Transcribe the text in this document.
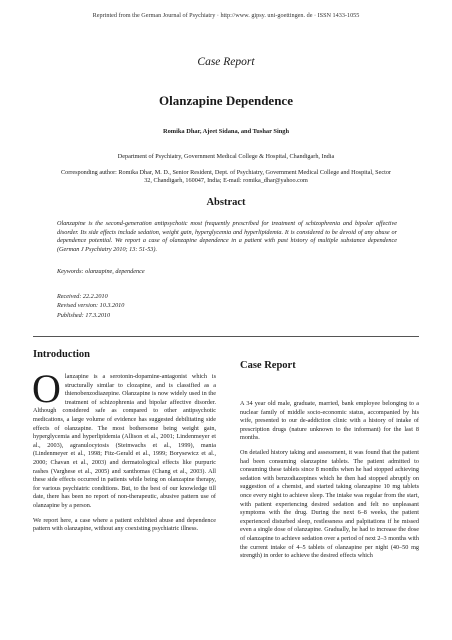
Reprinted from the German Journal of Psychiatry · http://www. gipsy. uni-goettingen. de · ISSN 1433-1055
Case Report
Olanzapine Dependence
Romika Dhar, Ajeet Sidana, and Tushar Singh
Department of Psychiatry, Government Medical College & Hospital, Chandigarh, India
Corresponding author: Romika Dhar, M. D., Senior Resident, Dept. of Psychiatry, Government Medical College and Hospital, Sector 32, Chandigarh, 160047, India; E-mail: romika_dhar@yahoo.com
Abstract
Olanzapine is the second-generation antipsychotic most frequently prescribed for treatment of schizophrenia and bipolar affective disorder. Its side effects include sedation, weight gain, hyperglycemia and hyperlipidemia. It is considered to be devoid of any abuse or dependence potential. We report a case of olanzapine dependence in a patient with past history of multiple substance dependence (German J Psychiatry 2010; 13: 51-53).
Keywords: olanzapine, dependence
Received: 22.2.2010
Revised version: 10.3.2010
Published: 17.3.2010
Introduction

Olanzapine is a serotonin-dopamine-antagonist which is structurally similar to clozapine, and is classified as a thienobenzodiazepine. Olanzapine is now widely used in the treatment of schizophrenia and bipolar affective disorder. Although considered safe as compared to other antipsychotic medications, a large volume of evidence has suggested debilitating side effects of olanzapine. The most bothersome being weight gain, hyperglycemia and hyperlipidemia (Allison et al., 2001; Lindenmeyer et al., 2003), agranulocytosis (Steinwachs et al., 1999), mania (Lindenmeyer et al., 1998; Fitz-Gerald et al., 1999; Borysewicz et al., 2000; Chavan et al., 2003) and dermatological effects like purpuric rashes (Varghese et al., 2005) and xanthomas (Chang et al., 2003). All these side effects occurred in patients while being on olanzapine therapy, for various psychiatric conditions. But, to the best of our knowledge till date, there has been no report of non-therapeutic, abusive pattern use of olanzapine by a person.

We report here, a case where a patient exhibited abuse and dependence pattern with olanzapine, without any coexisting psychiatric illness.

Case Report

A 34 year old male, graduate, married, bank employee belonging to a nuclear family of middle socio-economic status, accompanied by his wife, presented to our de-addiction clinic with a history of intake of prescription drugs (nature unknown to the informant) for the last 8 months.

On detailed history taking and assessment, it was found that the patient had been consuming olanzapine tablets. The patient admitted to consuming these tablets since 8 months when he had stopped achieving sedation with benzodiazepines which he then had stopped abruptly on suggestion of a chemist, and started taking olanzapine 10 mg tablets once every night to achieve sleep. The intake was regular from the start, with patient experiencing desired sedation and felt no unpleasant symptoms with the drug. During the next 6–8 weeks, the patient experienced disturbed sleep, restlessness and palpitations if he missed even a single dose of olanzapine. Gradually, he had to increase the dose of olanzapine to achieve sedation over a period of next 2–3 months with the current intake of 4–5 tablets of olanzapine per night (40–50 mg strength) in order to achieve the desired effects which
